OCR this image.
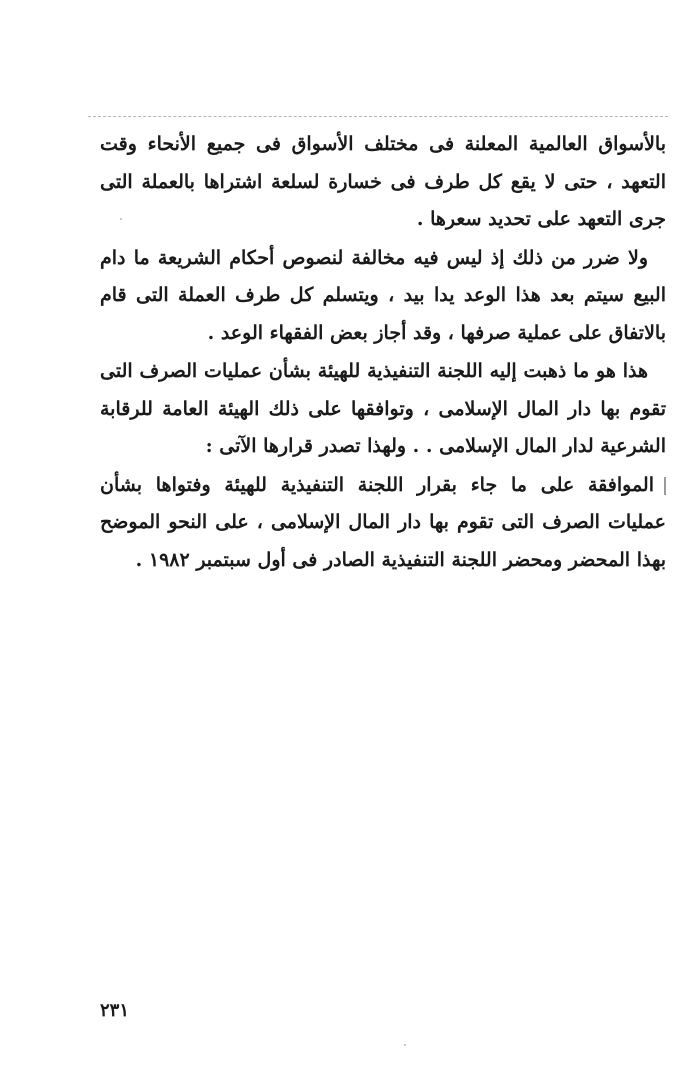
بالأسواق العالمية المعلنة فى مختلف الأسواق فى جميع الأنحاء وقت التعهد ، حتى لا يقع كل طرف فى خسارة لسلعة اشتراها بالعملة التى جرى التعهد على تحديد سعرها .

ولا ضرر من ذلك إذ ليس فيه مخالفة لنصوص أحكام الشريعة ما دام البيع سيتم بعد هذا الوعد يدا بيد ، ويتسلم كل طرف العملة التى قام بالاتفاق على عملية صرفها ، وقد أجاز بعض الفقهاء الوعد .

هذا هو ما ذهبت إليه اللجنة التنفيذية للهيئة بشأن عمليات الصرف التى تقوم بها دار المال الإسلامى ، وتوافقها على ذلك الهيئة العامة للرقابة الشرعية لدار المال الإسلامى . . ولهذا تصدر قرارها الآتى :

الموافقة على ما جاء بقرار اللجنة التنفيذية للهيئة وفتواها بشأن عمليات الصرف التى تقوم بها دار المال الإسلامى ، على النحو الموضح بهذا المحضر ومحضر اللجنة التنفيذية الصادر فى أول سبتمبر ١٩٨٢ .

٢٣١
